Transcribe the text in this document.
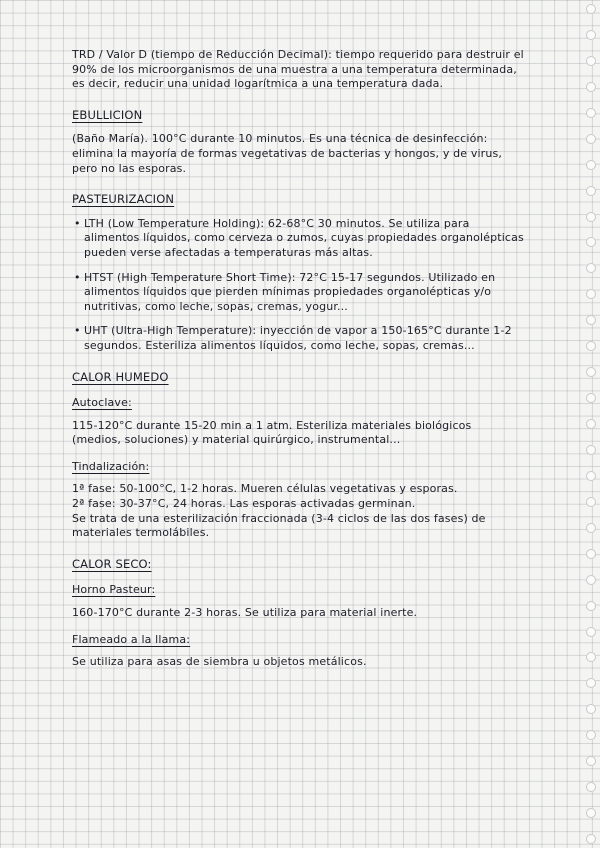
TRD / Valor D (tiempo de Reducción Decimal): tiempo requerido para destruir el 90% de los microorganismos de una muestra a una temperatura determinada, es decir, reducir una unidad logarítmica a una temperatura dada.

EBULLICION

(Baño María). 100°C durante 10 minutos. Es una técnica de desinfección: elimina la mayoría de formas vegetativas de bacterias y hongos, y de virus, pero no las esporas.

PASTEURIZACION
• LTH (Low Temperature Holding): 62-68°C 30 minutos. Se utiliza para alimentos líquidos, como cerveza o zumos, cuyas propiedades organolépticas pueden verse afectadas a temperaturas más altas.
• HTST (High Temperature Short Time): 72°C 15-17 segundos. Utilizado en alimentos líquidos que pierden mínimas propiedades organolépticas y/o nutritivas, como leche, sopas, cremas, yogur...
• UHT (Ultra-High Temperature): inyección de vapor a 150-165°C durante 1-2 segundos. Esteriliza alimentos líquidos, como leche, sopas, cremas...
CALOR HUMEDO
Autoclave:

115-120°C durante 15-20 min a 1 atm. Esteriliza materiales biológicos (medios, soluciones) y material quirúrgico, instrumental...

Tindalización:

1ª fase: 50-100°C, 1-2 horas. Mueren células vegetativas y esporas.

2ª fase: 30-37°C, 24 horas. Las esporas activadas germinan.

Se trata de una esterilización fraccionada (3-4 ciclos de las dos fases) de materiales termolábiles.

CALOR SECO:
Horno Pasteur:

160-170°C durante 2-3 horas. Se utiliza para material inerte.

Flameado a la llama:

Se utiliza para asas de siembra u objetos metálicos.
